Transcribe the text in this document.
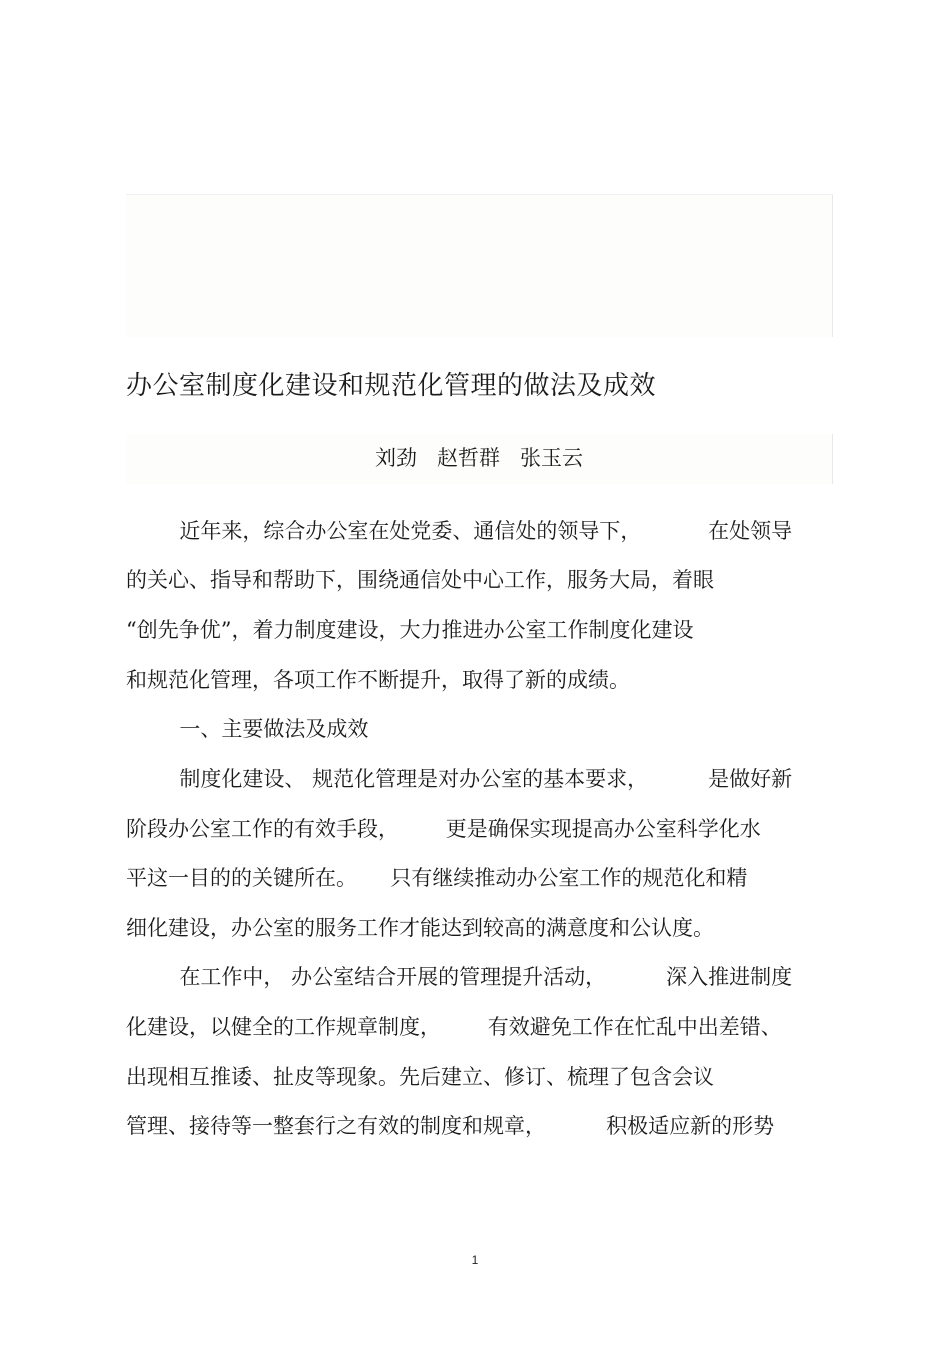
办公室制度化建设和规范化管理的做法及成效
刘劲   赵哲群   张玉云
近年来，综合办公室在处党委、通信处的领导下，          在处领导
的关心、指导和帮助下，围绕通信处中心工作，服务大局，着眼
“创先争优”，着力制度建设，大力推进办公室工作制度化建设
和规范化管理，各项工作不断提升，取得了新的成绩。
一、主要做法及成效
制度化建设、 规范化管理是对办公室的基本要求，         是做好新
阶段办公室工作的有效手段，       更是确保实现提高办公室科学化水
平这一目的的关键所在。     只有继续推动办公室工作的规范化和精
细化建设，办公室的服务工作才能达到较高的满意度和公认度。
在工作中， 办公室结合开展的管理提升活动，         深入推进制度
化建设，以健全的工作规章制度，       有效避免工作在忙乱中出差错、
出现相互推诿、扯皮等现象。先后建立、修订、梳理了包含会议
管理、接待等一整套行之有效的制度和规章，         积极适应新的形势
1
